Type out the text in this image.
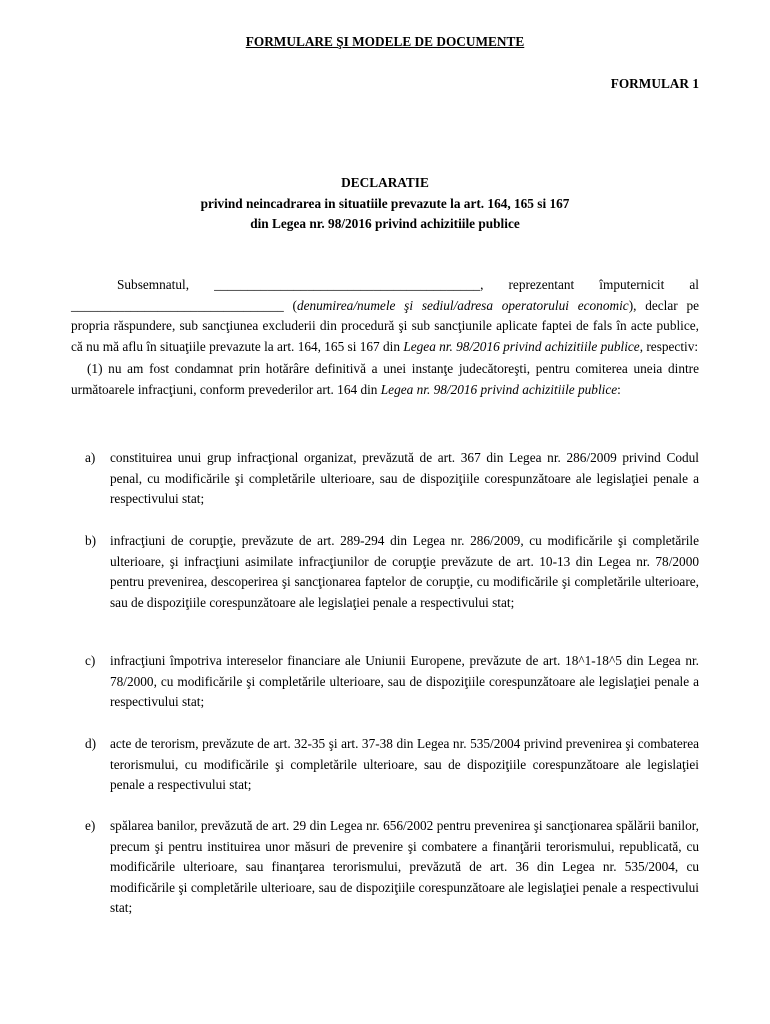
FORMULARE ŞI MODELE DE DOCUMENTE
FORMULAR 1
DECLARATIE
privind neincadrarea in situatiile prevazute la art. 164, 165 si 167
din Legea nr. 98/2016 privind achizitiile publice

Subsemnatul, ________________________________________, reprezentant împuternicit al ________________________________ (denumirea/numele şi sediul/adresa operatorului economic), declar pe propria răspundere, sub sancţiunea excluderii din procedură şi sub sancţiunile aplicate faptei de fals în acte publice, că nu mă aflu în situaţiile prevazute la art. 164, 165 si 167 din Legea nr. 98/2016 privind achizitiile publice, respectiv:

(1) nu am fost condamnat prin hotărâre definitivă a unei instanţe judecătoreşti, pentru comiterea uneia dintre următoarele infracţiuni, conform prevederilor art. 164 din Legea nr. 98/2016 privind achizitiile publice:

a) constituirea unui grup infracţional organizat, prevăzută de art. 367 din Legea nr. 286/2009 privind Codul penal, cu modificările şi completările ulterioare, sau de dispoziţiile corespunzătoare ale legislaţiei penale a respectivului stat;

b) infracţiuni de corupţie, prevăzute de art. 289-294 din Legea nr. 286/2009, cu modificările şi completările ulterioare, şi infracţiuni asimilate infracţiunilor de corupţie prevăzute de art. 10-13 din Legea nr. 78/2000 pentru prevenirea, descoperirea şi sancţionarea faptelor de corupţie, cu modificările şi completările ulterioare, sau de dispoziţiile corespunzătoare ale legislaţiei penale a respectivului stat;

c) infracţiuni împotriva intereselor financiare ale Uniunii Europene, prevăzute de art. 18^1-18^5 din Legea nr. 78/2000, cu modificările şi completările ulterioare, sau de dispoziţiile corespunzătoare ale legislaţiei penale a respectivului stat;

d) acte de terorism, prevăzute de art. 32-35 şi art. 37-38 din Legea nr. 535/2004 privind prevenirea şi combaterea terorismului, cu modificările şi completările ulterioare, sau de dispoziţiile corespunzătoare ale legislaţiei penale a respectivului stat;

e) spălarea banilor, prevăzută de art. 29 din Legea nr. 656/2002 pentru prevenirea şi sancţionarea spălării banilor, precum şi pentru instituirea unor măsuri de prevenire şi combatere a finanţării terorismului, republicată, cu modificările ulterioare, sau finanţarea terorismului, prevăzută de art. 36 din Legea nr. 535/2004, cu modificările şi completările ulterioare, sau de dispoziţiile corespunzătoare ale legislaţiei penale a respectivului stat;
